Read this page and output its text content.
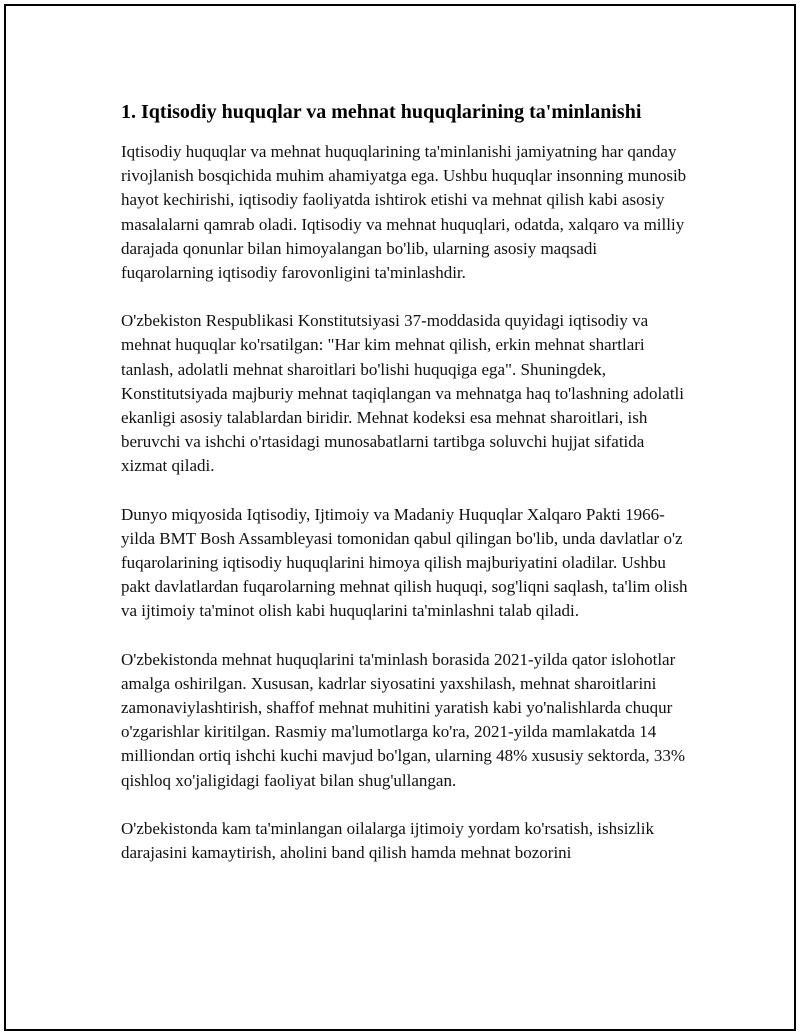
1. Iqtisodiy huquqlar va mehnat huquqlarining ta'minlanishi

Iqtisodiy huquqlar va mehnat huquqlarining ta'minlanishi jamiyatning har qanday rivojlanish bosqichida muhim ahamiyatga ega. Ushbu huquqlar insonning munosib hayot kechirishi, iqtisodiy faoliyatda ishtirok etishi va mehnat qilish kabi asosiy masalalarni qamrab oladi. Iqtisodiy va mehnat huquqlari, odatda, xalqaro va milliy darajada qonunlar bilan himoyalangan bo'lib, ularning asosiy maqsadi fuqarolarning iqtisodiy farovonligini ta'minlashdir.

O'zbekiston Respublikasi Konstitutsiyasi 37-moddasida quyidagi iqtisodiy va mehnat huquqlar ko'rsatilgan: "Har kim mehnat qilish, erkin mehnat shartlari tanlash, adolatli mehnat sharoitlari bo'lishi huquqiga ega". Shuningdek, Konstitutsiyada majburiy mehnat taqiqlangan va mehnatga haq to'lashning adolatli ekanligi asosiy talablardan biridir. Mehnat kodeksi esa mehnat sharoitlari, ish beruvchi va ishchi o'rtasidagi munosabatlarni tartibga soluvchi hujjat sifatida xizmat qiladi.

Dunyo miqyosida Iqtisodiy, Ijtimoiy va Madaniy Huquqlar Xalqaro Pakti 1966-yilda BMT Bosh Assambleyasi tomonidan qabul qilingan bo'lib, unda davlatlar o'z fuqarolarining iqtisodiy huquqlarini himoya qilish majburiyatini oladilar. Ushbu pakt davlatlardan fuqarolarning mehnat qilish huquqi, sog'liqni saqlash, ta'lim olish va ijtimoiy ta'minot olish kabi huquqlarini ta'minlashni talab qiladi.

O'zbekistonda mehnat huquqlarini ta'minlash borasida 2021-yilda qator islohotlar amalga oshirilgan. Xususan, kadrlar siyosatini yaxshilash, mehnat sharoitlarini zamonaviylashtirish, shaffof mehnat muhitini yaratish kabi yo'nalishlarda chuqur o'zgarishlar kiritilgan. Rasmiy ma'lumotlarga ko'ra, 2021-yilda mamlakatda 14 milliondan ortiq ishchi kuchi mavjud bo'lgan, ularning 48% xususiy sektorda, 33% qishloq xo'jaligidagi faoliyat bilan shug'ullangan.

O'zbekistonda kam ta'minlangan oilalarga ijtimoiy yordam ko'rsatish, ishsizlik darajasini kamaytirish, aholini band qilish hamda mehnat bozorini
